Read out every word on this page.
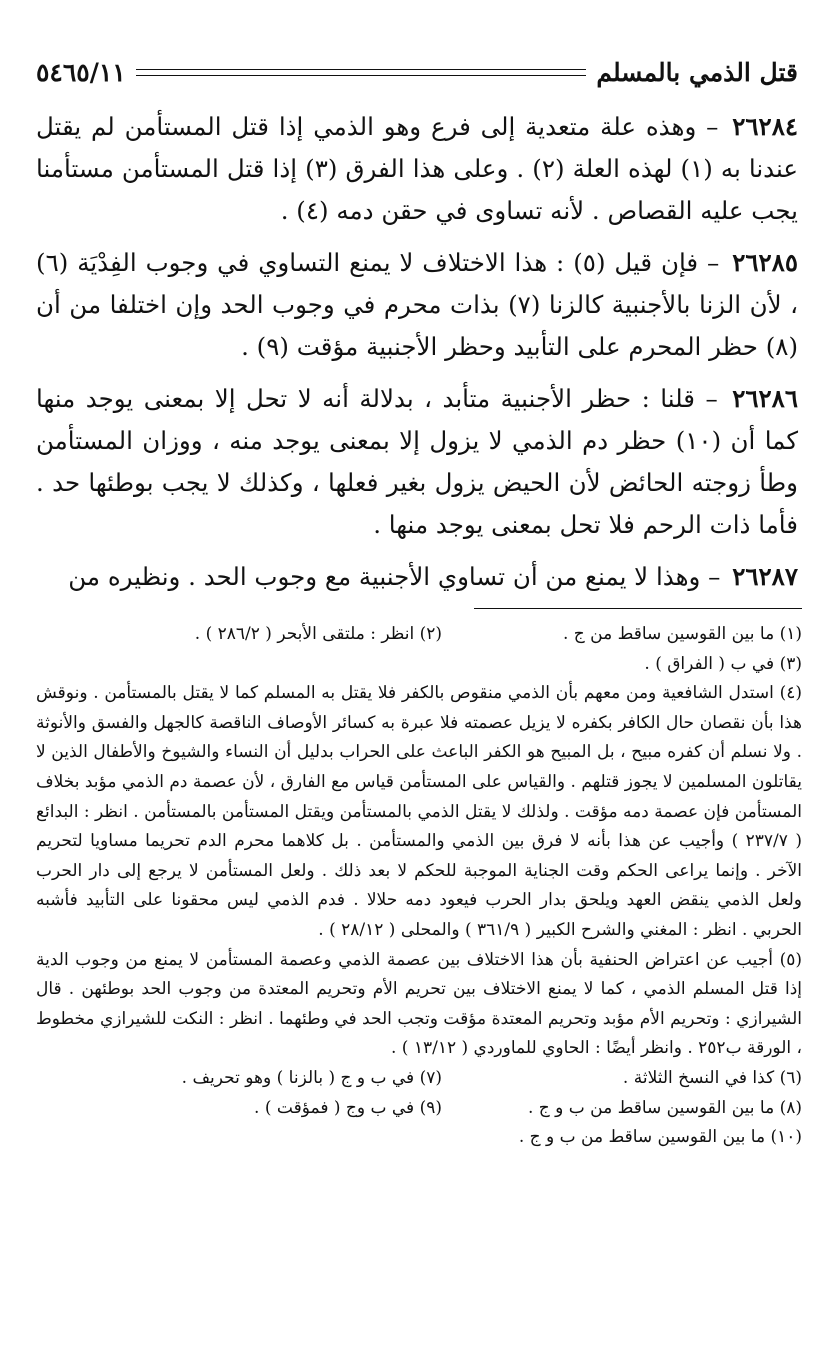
قتل الذمي بالمسلم
٥٤٦٥/١١

٢٦٢٨٤ – وهذه علة متعدية إلى فرع وهو الذمي إذا قتل المستأمن لم يقتل عندنا به (١) لهذه العلة (٢) . وعلى هذا الفرق (٣) إذا قتل المستأمن مستأمنا يجب عليه القصاص . لأنه تساوى في حقن دمه (٤) .

٢٦٢٨٥ – فإن قيل (٥) : هذا الاختلاف لا يمنع التساوي في وجوب الفِدْيَة (٦) ، لأن الزنا بالأجنبية كالزنا (٧) بذات محرم في وجوب الحد وإن اختلفا من أن (٨) حظر المحرم على التأبيد وحظر الأجنبية مؤقت (٩) .

٢٦٢٨٦ – قلنا : حظر الأجنبية متأبد ، بدلالة أنه لا تحل إلا بمعنى يوجد منها كما أن (١٠) حظر دم الذمي لا يزول إلا بمعنى يوجد منه ، ووزان المستأمن وطأ زوجته الحائض لأن الحيض يزول بغير فعلها ، وكذلك لا يجب بوطئها حد . فأما ذات الرحم فلا تحل بمعنى يوجد منها .

٢٦٢٨٧ – وهذا لا يمنع من أن تساوي الأجنبية مع وجوب الحد . ونظيره من

(١) ما بين القوسين ساقط من ج .
(٢) انظر : ملتقى الأبحر ( ٢٨٦/٢ ) .
(٣) في ب ( الفراق ) .
(٤) استدل الشافعية ومن معهم بأن الذمي منقوص بالكفر فلا يقتل به المسلم كما لا يقتل بالمستأمن . ونوقش هذا بأن نقصان حال الكافر بكفره لا يزيل عصمته فلا عبرة به كسائر الأوصاف الناقصة كالجهل والفسق والأنوثة . ولا نسلم أن كفره مبيح ، بل المبيح هو الكفر الباعث على الحراب بدليل أن النساء والشيوخ والأطفال الذين لا يقاتلون المسلمين لا يجوز قتلهم . والقياس على المستأمن قياس مع الفارق ، لأن عصمة دم الذمي مؤبد بخلاف المستأمن فإن عصمة دمه مؤقت . ولذلك لا يقتل الذمي بالمستأمن ويقتل المستأمن بالمستأمن . انظر : البدائع ( ٢٣٧/٧ ) وأجيب عن هذا بأنه لا فرق بين الذمي والمستأمن . بل كلاهما محرم الدم تحريما مساويا لتحريم الآخر . وإنما يراعى الحكم وقت الجناية الموجبة للحكم لا بعد ذلك . ولعل المستأمن لا يرجع إلى دار الحرب ولعل الذمي ينقض العهد ويلحق بدار الحرب فيعود دمه حلالا . فدم الذمي ليس محقونا على التأبيد فأشبه الحربي . انظر : المغني والشرح الكبير ( ٣٦١/٩ ) والمحلى ( ٢٨/١٢ ) .
(٥) أجيب عن اعتراض الحنفية بأن هذا الاختلاف بين عصمة الذمي وعصمة المستأمن لا يمنع من وجوب الدية إذا قتل المسلم الذمي ، كما لا يمنع الاختلاف بين تحريم الأم وتحريم المعتدة من وجوب الحد بوطئهن . قال الشيرازي : وتحريم الأم مؤبد وتحريم المعتدة مؤقت وتجب الحد في وطئهما . انظر : النكت للشيرازي مخطوط ، الورقة ب٢٥٢ . وانظر أيضًا : الحاوي للماوردي ( ١٣/١٢ ) .
(٦) كذا في النسخ الثلاثة .
(٧) في ب و ج ( بالزنا ) وهو تحريف .
(٨) ما بين القوسين ساقط من ب و ج .
(٩) في ب وج ( فمؤقت ) .
(١٠) ما بين القوسين ساقط من ب و ج .
